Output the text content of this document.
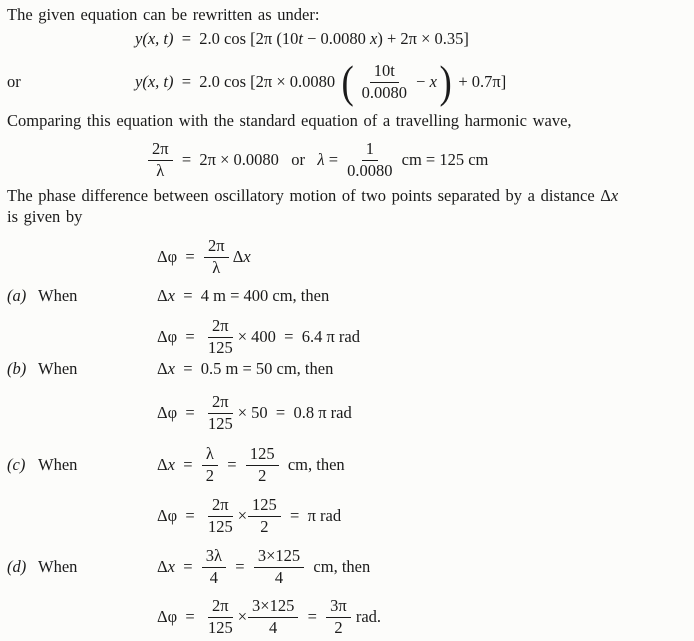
The given equation can be rewritten as under:

y(x, t) =  2.0 cos [2π (10 t − 0.0080 x ) + 2π × 0.35]
or	y(x, t) =  2.0 cos [2π × 0.0080 ( $\frac{10t}{0.0080} - x$ ) + 0.7π]

Comparing this equation with the standard equation of a travelling harmonic wave,

$\frac{2\pi}{\lambda} = 2\pi \times 0.0080$   or $\lambda = \frac{1}{0.0080}$ cm = 125 cm

The phase difference between oscillatory motion of two points separated by a distance Δx

is given by

$\Delta\varphi = \frac{2\pi}{\lambda}$ Δ x
(a) When	Δ x =  4 m = 400 cm, then
$\Delta\varphi = \frac{2\pi}{125} \times 400 = 6.4$ π rad
(b) When	Δ x =  0.5 m = 50 cm, then
$\Delta\varphi = \frac{2\pi}{125} \times 50 = 0.8$ π rad
(c) When	Δ $x = \frac{\lambda}{2} = \frac{125}{2}$ cm, then
$\Delta\varphi = \frac{2\pi}{125} \times \frac{125}{2} = \pi$ rad
(d) When	Δ $x = \frac{3\lambda}{4} = \frac{3\times 125}{4}$ cm, then
$\Delta\varphi = \frac{2\pi}{125} \times \frac{3\times 125}{4} = \frac{3\pi}{2}$ rad.
